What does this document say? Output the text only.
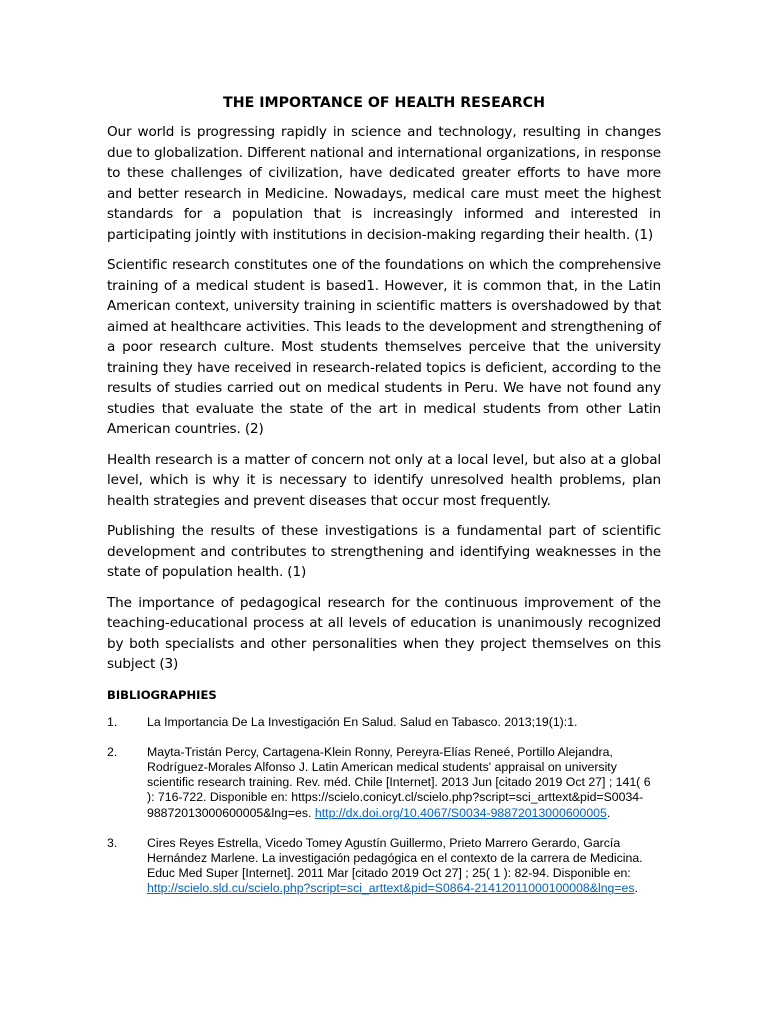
THE IMPORTANCE OF HEALTH RESEARCH

Our world is progressing rapidly in science and technology, resulting in changes due to globalization. Different national and international organizations, in response to these challenges of civilization, have dedicated greater efforts to have more and better research in Medicine. Nowadays, medical care must meet the highest standards for a population that is increasingly informed and interested in participating jointly with institutions in decision-making regarding their health. (1)

Scientific research constitutes one of the foundations on which the comprehensive training of a medical student is based1. However, it is common that, in the Latin American context, university training in scientific matters is overshadowed by that aimed at healthcare activities. This leads to the development and strengthening of a poor research culture. Most students themselves perceive that the university training they have received in research-related topics is deficient, according to the results of studies carried out on medical students in Peru. We have not found any studies that evaluate the state of the art in medical students from other Latin American countries. (2)

Health research is a matter of concern not only at a local level, but also at a global level, which is why it is necessary to identify unresolved health problems, plan health strategies and prevent diseases that occur most frequently.

Publishing the results of these investigations is a fundamental part of scientific development and contributes to strengthening and identifying weaknesses in the state of population health. (1)

The importance of pedagogical research for the continuous improvement of the teaching-educational process at all levels of education is unanimously recognized by both specialists and other personalities when they project themselves on this subject (3)

BIBLIOGRAPHIES
1.	La Importancia De La Investigación En Salud. Salud en Tabasco. 2013;19(1):1.
2.	Mayta-Tristán Percy, Cartagena-Klein Ronny, Pereyra-Elías Reneé, Portillo Alejandra, Rodríguez-Morales Alfonso J. Latin American medical students' appraisal on university scientific research training. Rev. méd. Chile [Internet]. 2013 Jun [citado 2019 Oct 27] ; 141( 6 ): 716-722. Disponible en: https://scielo.conicyt.cl/scielo.php?script=sci_arttext&pid=S0034-98872013000600005&lng=es. http://dx.doi.org/10.4067/S0034-98872013000600005.
3.	Cires Reyes Estrella, Vicedo Tomey Agustín Guillermo, Prieto Marrero Gerardo, García Hernández Marlene. La investigación pedagógica en el contexto de la carrera de Medicina. Educ Med Super [Internet]. 2011 Mar [citado 2019 Oct 27] ; 25( 1 ): 82-94. Disponible en: http://scielo.sld.cu/scielo.php?script=sci_arttext&pid=S0864-21412011000100008&lng=es.
